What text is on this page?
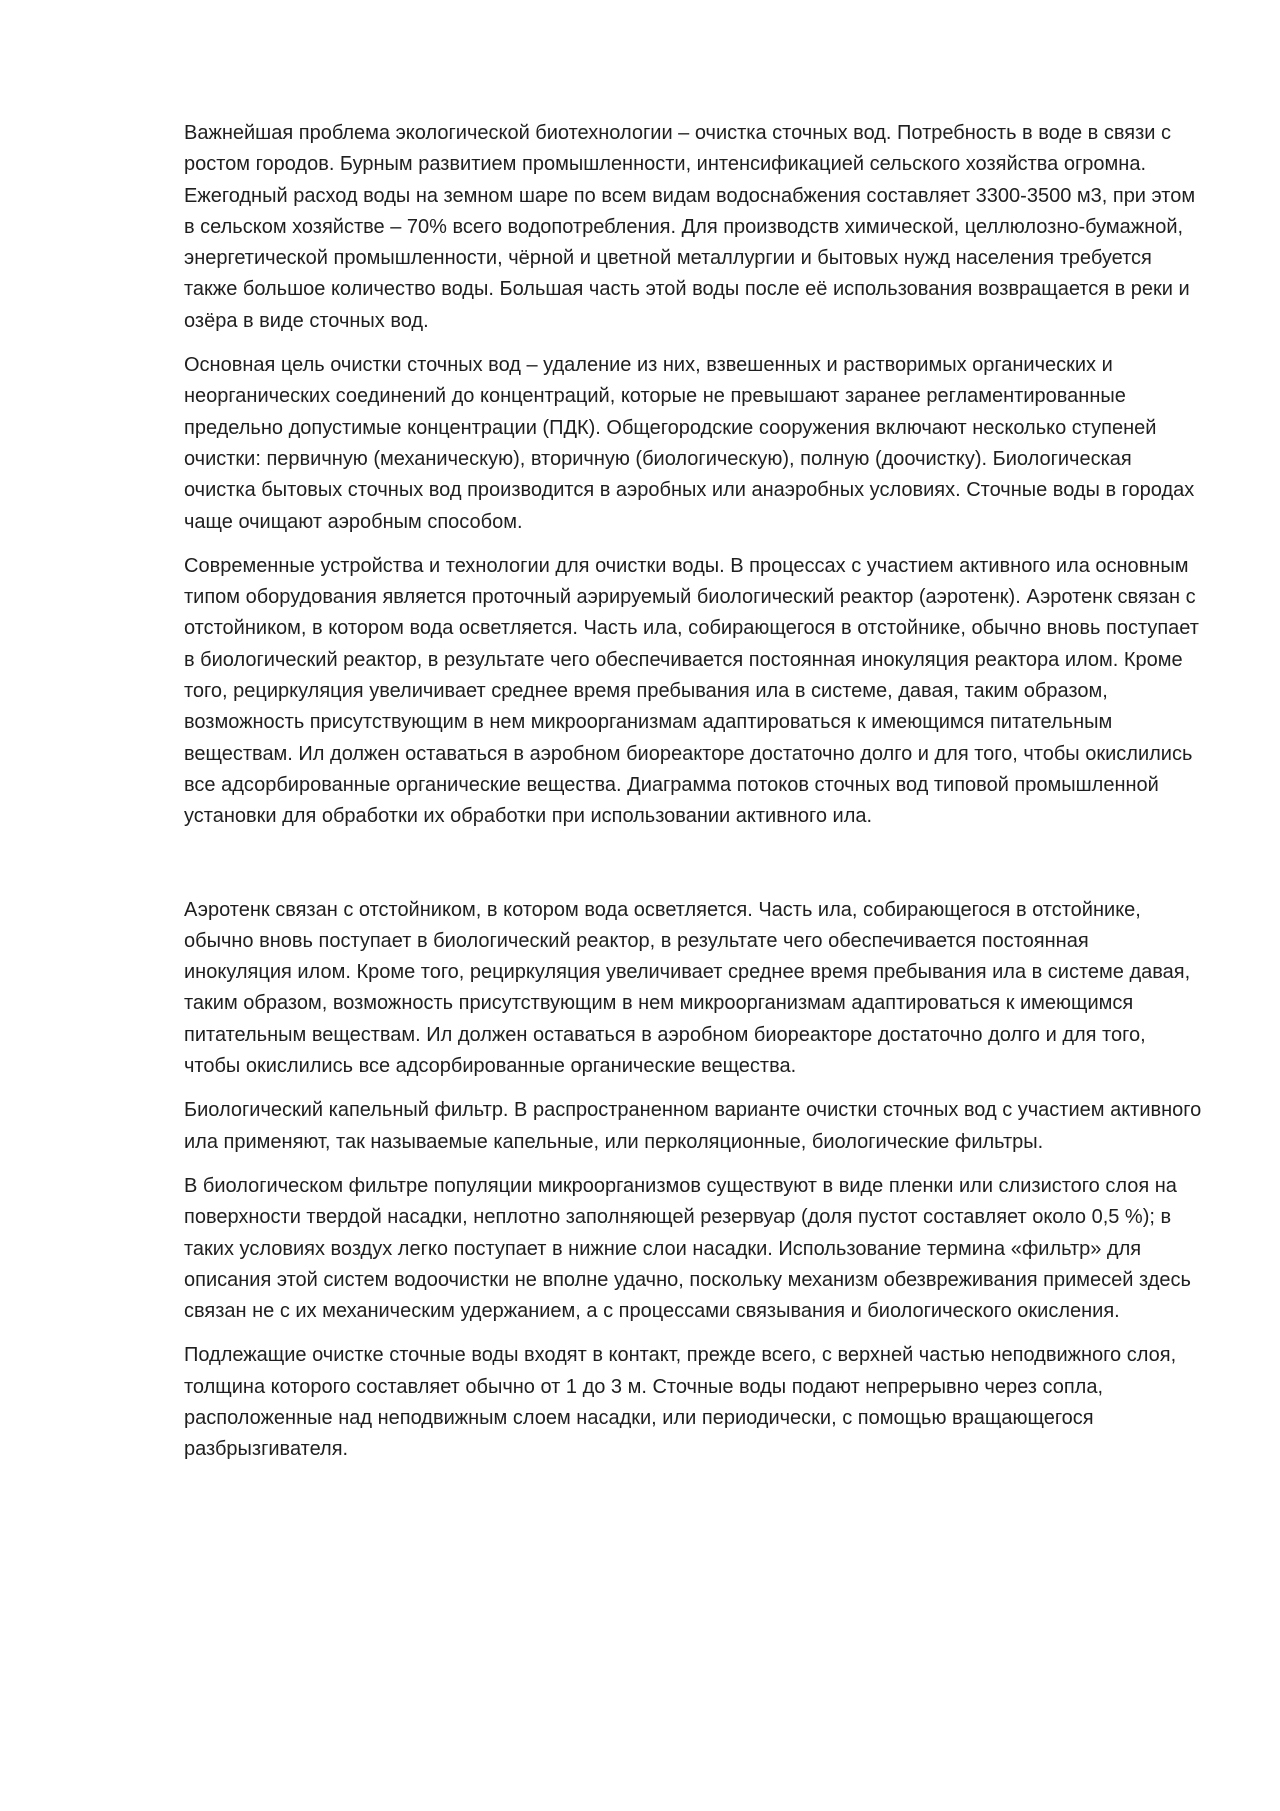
Важнейшая проблема экологической биотехнологии – очистка сточных вод. Потребность в воде в связи с ростом городов. Бурным развитием промышленности, интенсификацией сельского хозяйства огромна. Ежегодный расход воды на земном шаре по всем видам водоснабжения составляет 3300-3500 м3, при этом в сельском хозяйстве – 70% всего водопотребления. Для производств химической, целлюлозно-бумажной, энергетической промышленности, чёрной и цветной металлургии и бытовых нужд населения требуется также большое количество воды. Большая часть этой воды после её использования возвращается в реки и озёра в виде сточных вод.

Основная цель очистки сточных вод – удаление из них, взвешенных и растворимых органических и неорганических соединений до концентраций, которые не превышают заранее регламентированные предельно допустимые концентрации (ПДК). Общегородские сооружения включают несколько ступеней очистки: первичную (механическую), вторичную (биологическую), полную (доочистку). Биологическая очистка бытовых сточных вод производится в аэробных или анаэробных условиях. Сточные воды в городах чаще очищают аэробным способом.

Современные устройства и технологии для очистки воды. В процессах с участием активного ила основным типом оборудования является проточный аэрируемый биологический реактор (аэротенк). Аэротенк связан с отстойником, в котором вода осветляется. Часть ила, собирающегося в отстойнике, обычно вновь поступает в биологический реактор, в результате чего обеспечивается постоянная инокуляция реактора илом. Кроме того, рециркуляция увеличивает среднее время пребывания ила в системе, давая, таким образом, возможность присутствующим в нем микроорганизмам адаптироваться к имеющимся питательным веществам. Ил должен оставаться в аэробном биореакторе достаточно долго и для того, чтобы окислились все адсорбированные органические вещества. Диаграмма потоков сточных вод типовой промышленной установки для обработки их обработки при использовании активного ила.

Аэротенк связан с отстойником, в котором вода осветляется. Часть ила, собирающегося в отстойнике, обычно вновь поступает в биологический реактор, в результате чего обеспечивается постоянная инокуляция илом. Кроме того, рециркуляция увеличивает среднее время пребывания ила в системе давая, таким образом, возможность присутствующим в нем микроорганизмам адаптироваться к имеющимся питательным веществам. Ил должен оставаться в аэробном биореакторе достаточно долго и для того, чтобы окислились все адсорбированные органические вещества.

Биологический капельный фильтр. В распространенном варианте очистки сточных вод с участием активного ила применяют, так называемые капельные, или перколяционные, биологические фильтры.

В биологическом фильтре популяции микроорганизмов существуют в виде пленки или слизистого слоя на поверхности твердой насадки, неплотно заполняющей резервуар (доля пустот составляет около 0,5 %); в таких условиях воздух легко поступает в нижние слои насадки. Использование термина «фильтр» для описания этой систем водоочистки не вполне удачно, поскольку механизм обезвреживания примесей здесь связан не с их механическим удержанием, а с процессами связывания и биологического окисления.

Подлежащие очистке сточные воды входят в контакт, прежде всего, с верхней частью неподвижного слоя, толщина которого составляет обычно от 1 до 3 м. Сточные воды подают непрерывно через сопла, расположенные над неподвижным слоем насадки, или периодически, с помощью вращающегося разбрызгивателя.
